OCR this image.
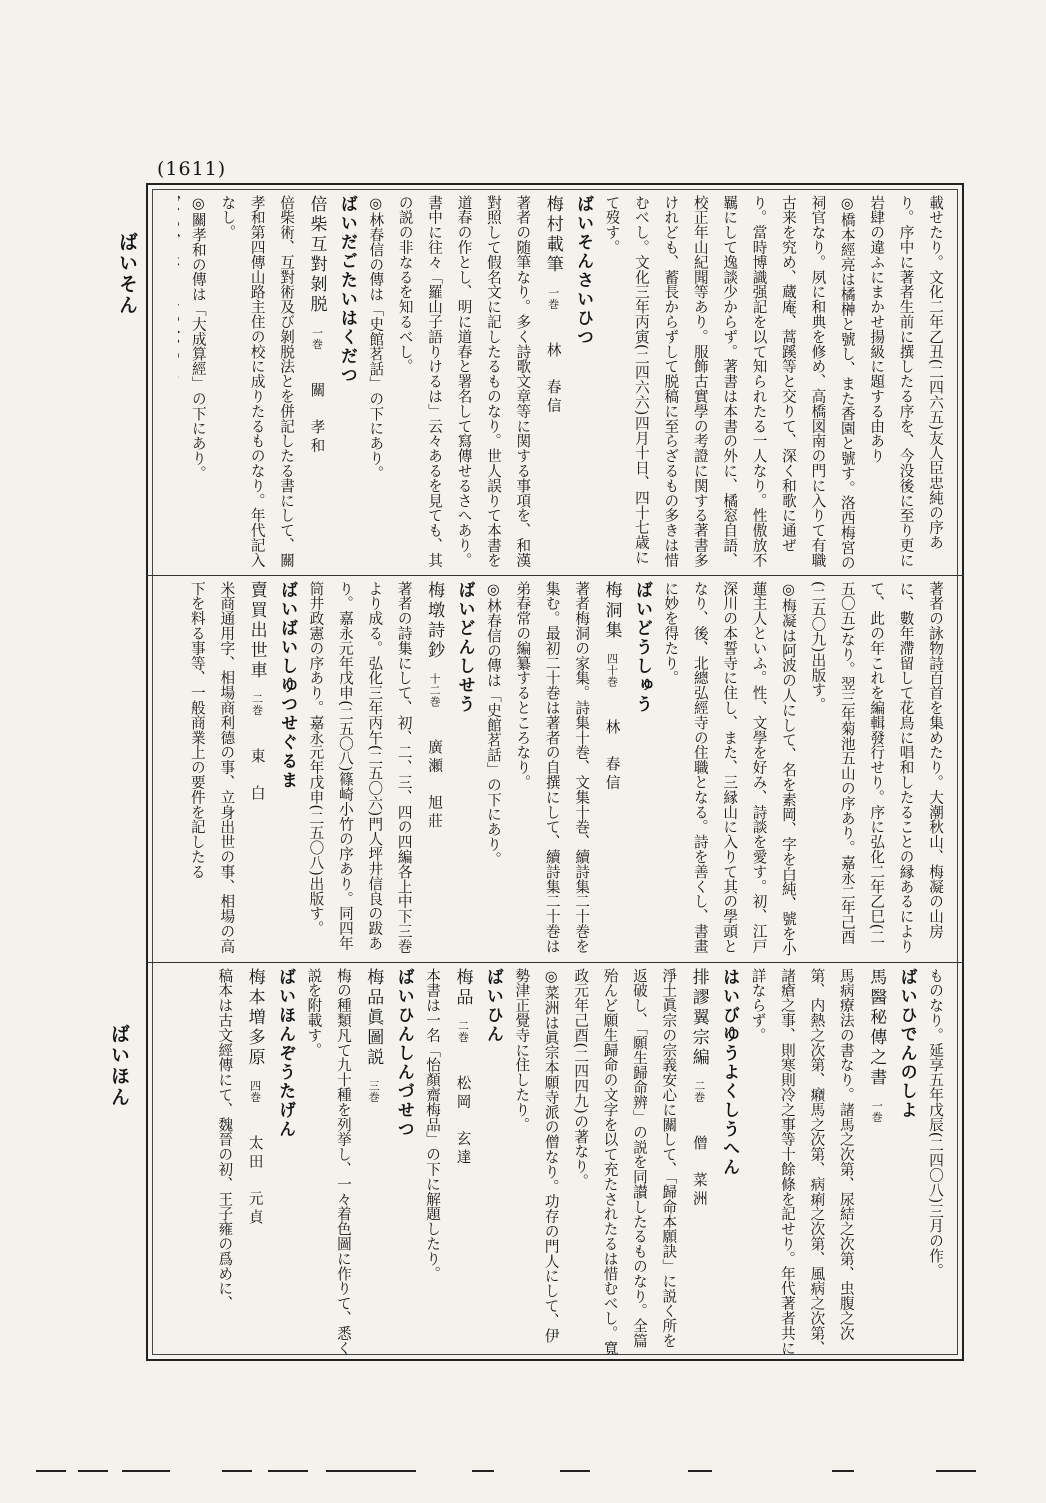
(1611)
ばいそん
ばいほん
載せたり。文化二年乙丑(二四六五)友人臣忠純の序あり。序中に著者生前に撰したる序を、今没後に至り更に岩肆の違ふにまかせ揚級に題する由あり
◎橋本經亮は橘榊と號し、また香園と號す。洛西梅宮の祠官なり。夙に和典を修め、高橋図南の門に入りて有職古来を究め、蔵庵、蒿蹊等と交りて、深く和歌に通ぜり。當時博識强記を以て知られたる一人なり。性傲放不羈にして逸談少からず。著書は本書の外に、橘窓自語、校正年山紀聞等あり。服飾古實學の考證に関する著書多けれども、蓄長からずして脱稿に至らざるもの多きは惜むべし。文化三年丙寅(二四六六)四月十日、四十七歳にて歿す。
ばいそんさいひつ
梅村載筆一巻林　春信
著者の随筆なり。多く詩歌文章等に関する事項を、和漢對照して假名文に記したるものなり。世人誤りて本書を道春の作とし、明に道春と署名して寫傳せるさへあり。書中に往々「羅山子語りけるは」云々あるを見ても、其の説の非なるを知るべし。
◎林春信の傳は「史館茗話」の下にあり。
ばいだごたいはくだつ
倍柴互對剝脱一巻關　孝和
倍柴術、互對術及び剝脱法とを併記したる書にして、關孝和第四傳山路主住の校に成りたるものなり。年代記入なし。
◎關孝和の傳は「大成算經」の下にあり。
著者の詠物詩百首を集めたり。大潮秋山、梅凝の山房に、數年滯留して花鳥に唱和したることの縁あるによりて、此の年これを編輯發行せり。序に弘化二年乙巳(二五〇五)なり。翌三年菊池五山の序あり。嘉永二年己酉(二五〇九)出版す。
◎梅凝は阿波の人にして、名を素岡、字を白純、號を小蓮主人といふ。性、文學を好み、詩談を愛す。初、江戸深川の本誓寺に住し、また、三縁山に入りて其の學頭となり、後、北總弘經寺の住職となる。詩を善くし、書畫に妙を得たり。
ばいどうしゅう
梅洞集四十巻林　春信
著者梅洞の家集。詩集十巻、文集十巻、續詩集二十巻を集む。最初二十巻は著者の自撰にして、續詩集二十巻は弟春常の編纂するところなり。
◎林春信の傳は「史館茗話」の下にあり。
ばいどんしせう
梅墩詩鈔十二巻廣瀬　旭莊
著者の詩集にして、初、二、三、四の四編各上中下三巻より成る。弘化三年丙午(二五〇六)門人坪井信良の跋あり。嘉永元年戊申(二五〇八)篠崎小竹の序あり。同四年筒井政憲の序あり。嘉永元年戊申(二五〇八)出版す。
ばいばいしゆつせぐるま
賣買出世車二巻東　白
米商通用字、相場商利德の事、立身出世の事、相場の高下を料る事等、一般商業上の要件を記したる
ものなり。延享五年戊辰(二四〇八)三月の作。
ばいひでんのしよ
馬醫秘傳之書一巻
馬病療法の書なり。諸馬之次第、尿結之次第、虫腹之次第、内熱之次第、癪馬之次第、病痢之次第、風病之次第、諸瘡之事、則寒則冷之事等十餘條を記せり。年代著者共に詳ならず。
はいびゆうよくしうへん
排謬翼宗編二巻僧　菜洲
淨土眞宗の宗義安心に關して、「歸命本願訣」に説く所を返破し、「願生歸命辨」の説を同讃したるものなり。全篇殆んど願生歸命の文字を以て充たされたるは惜むべし。寬政元年己酉(二四四九)の著なり。
◎菜洲は眞宗本願寺派の僧なり。功存の門人にして、伊勢津正覺寺に住したり。
ばいひん
梅品二巻松岡　玄達
本書は一名「怡顏齋梅品」の下に解題したり。
ばいひんしんづせつ
梅品眞圖説三巻
梅の種類凡て九十種を列挙し、一々着色圖に作りて、悉く説を附載す。
ばいほんぞうたげん
梅本増多原四巻太田　元貞
稿本は古文經傳にて、魏晉の初、王子雍の爲めに、
